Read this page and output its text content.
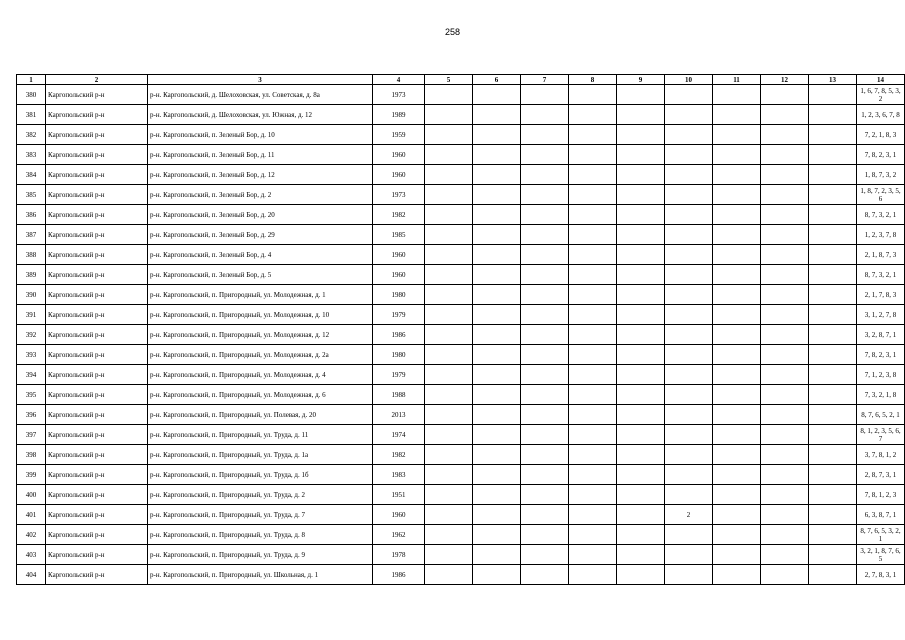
258
1	2	3	4	5	6	7	8	9	10	11	12	13	14
380	Каргопольский р-н	р-н. Каргопольский, д. Шелоховская, ул. Советская, д. 8а	1973										1, 6, 7, 8, 5, 3, 2
381	Каргопольский р-н	р-н. Каргопольский, д. Шелоховская, ул. Южная, д. 12	1989										1, 2, 3, 6, 7, 8
382	Каргопольский р-н	р-н. Каргопольский, п. Зеленый Бор, д. 10	1959										7, 2, 1, 8, 3
383	Каргопольский р-н	р-н. Каргопольский, п. Зеленый Бор, д. 11	1960										7, 8, 2, 3, 1
384	Каргопольский р-н	р-н. Каргопольский, п. Зеленый Бор, д. 12	1960										1, 8, 7, 3, 2
385	Каргопольский р-н	р-н. Каргопольский, п. Зеленый Бор, д. 2	1973										1, 8, 7, 2, 3, 5, 6
386	Каргопольский р-н	р-н. Каргопольский, п. Зеленый Бор, д. 20	1982										8, 7, 3, 2, 1
387	Каргопольский р-н	р-н. Каргопольский, п. Зеленый Бор, д. 29	1985										1, 2, 3, 7, 8
388	Каргопольский р-н	р-н. Каргопольский, п. Зеленый Бор, д. 4	1960										2, 1, 8, 7, 3
389	Каргопольский р-н	р-н. Каргопольский, п. Зеленый Бор, д. 5	1960										8, 7, 3, 2, 1
390	Каргопольский р-н	р-н. Каргопольский, п. Пригородный, ул. Молодежная, д. 1	1980										2, 1, 7, 8, 3
391	Каргопольский р-н	р-н. Каргопольский, п. Пригородный, ул. Молодежная, д. 10	1979										3, 1, 2, 7, 8
392	Каргопольский р-н	р-н. Каргопольский, п. Пригородный, ул. Молодежная, д. 12	1986										3, 2, 8, 7, 1
393	Каргопольский р-н	р-н. Каргопольский, п. Пригородный, ул. Молодежная, д. 2а	1980										7, 8, 2, 3, 1
394	Каргопольский р-н	р-н. Каргопольский, п. Пригородный, ул. Молодежная, д. 4	1979										7, 1, 2, 3, 8
395	Каргопольский р-н	р-н. Каргопольский, п. Пригородный, ул. Молодежная, д. 6	1988										7, 3, 2, 1, 8
396	Каргопольский р-н	р-н. Каргопольский, п. Пригородный, ул. Полевая, д. 20	2013										8, 7, 6, 5, 2, 1
397	Каргопольский р-н	р-н. Каргопольский, п. Пригородный, ул. Труда, д. 11	1974										8, 1, 2, 3, 5, 6, 7
398	Каргопольский р-н	р-н. Каргопольский, п. Пригородный, ул. Труда, д. 1а	1982										3, 7, 8, 1, 2
399	Каргопольский р-н	р-н. Каргопольский, п. Пригородный, ул. Труда, д. 1б	1983										2, 8, 7, 3, 1
400	Каргопольский р-н	р-н. Каргопольский, п. Пригородный, ул. Труда, д. 2	1951										7, 8, 1, 2, 3
401	Каргопольский р-н	р-н. Каргопольский, п. Пригородный, ул. Труда, д. 7	1960						2				6, 3, 8, 7, 1
402	Каргопольский р-н	р-н. Каргопольский, п. Пригородный, ул. Труда, д. 8	1962										8, 7, 6, 5, 3, 2, 1
403	Каргопольский р-н	р-н. Каргопольский, п. Пригородный, ул. Труда, д. 9	1978										3, 2, 1, 8, 7, 6, 5
404	Каргопольский р-н	р-н. Каргопольский, п. Пригородный, ул. Школьная, д. 1	1986										2, 7, 8, 3, 1
